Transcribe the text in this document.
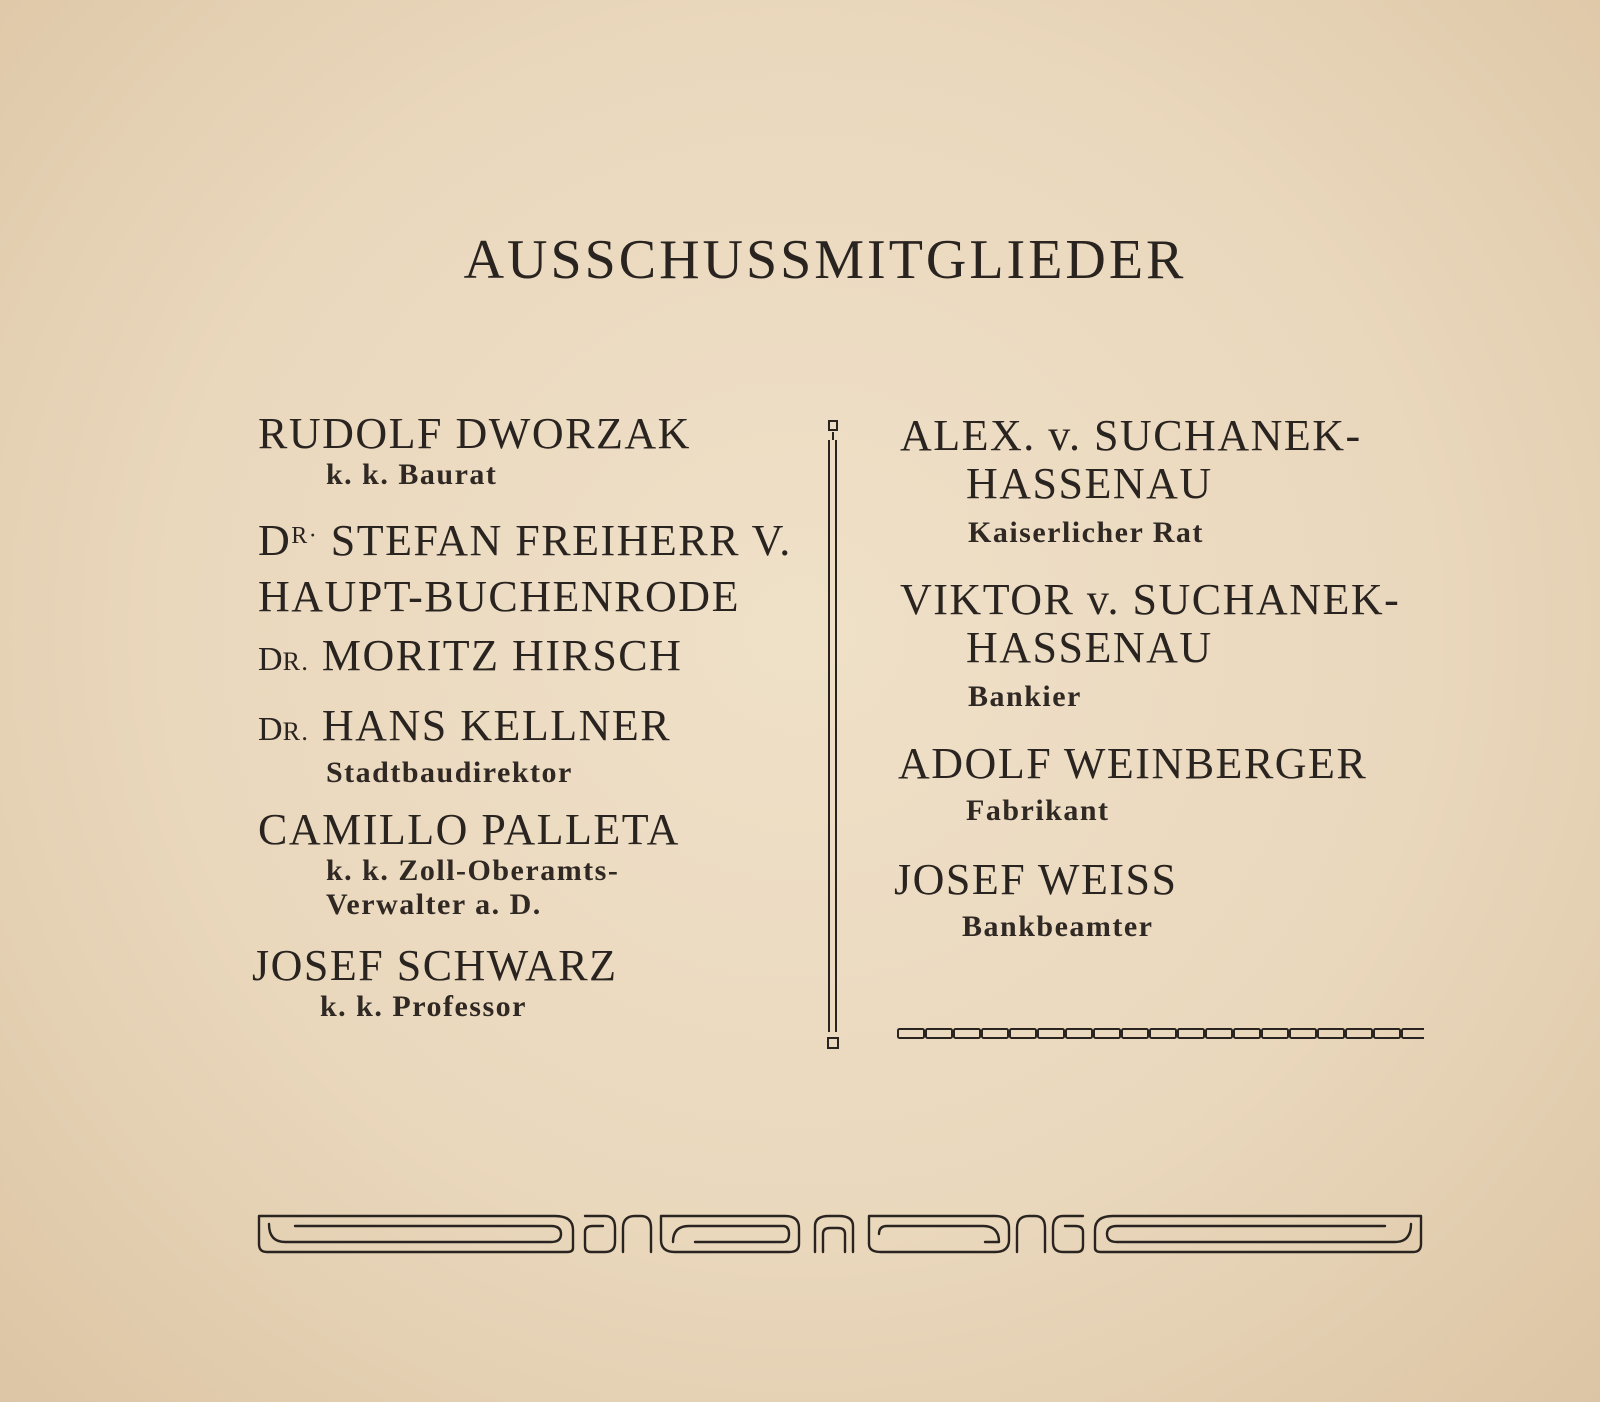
AUSSCHUSSMITGLIEDER
RUDOLF DWORZAK
k. k. Baurat
$D^{R\cdot}$ STEFAN FREIHERR V.
HAUPT-BUCHENRODE
DR. MORITZ HIRSCH
DR. HANS KELLNER
Stadtbaudirektor
CAMILLO PALLETA
k. k. Zoll-Oberamts-
Verwalter a. D.
JOSEF SCHWARZ
k. k. Professor
ALEX. v. SUCHANEK-
HASSENAU
Kaiserlicher Rat
VIKTOR v. SUCHANEK-
HASSENAU
Bankier
ADOLF WEINBERGER
Fabrikant
JOSEF WEISS
Bankbeamter
